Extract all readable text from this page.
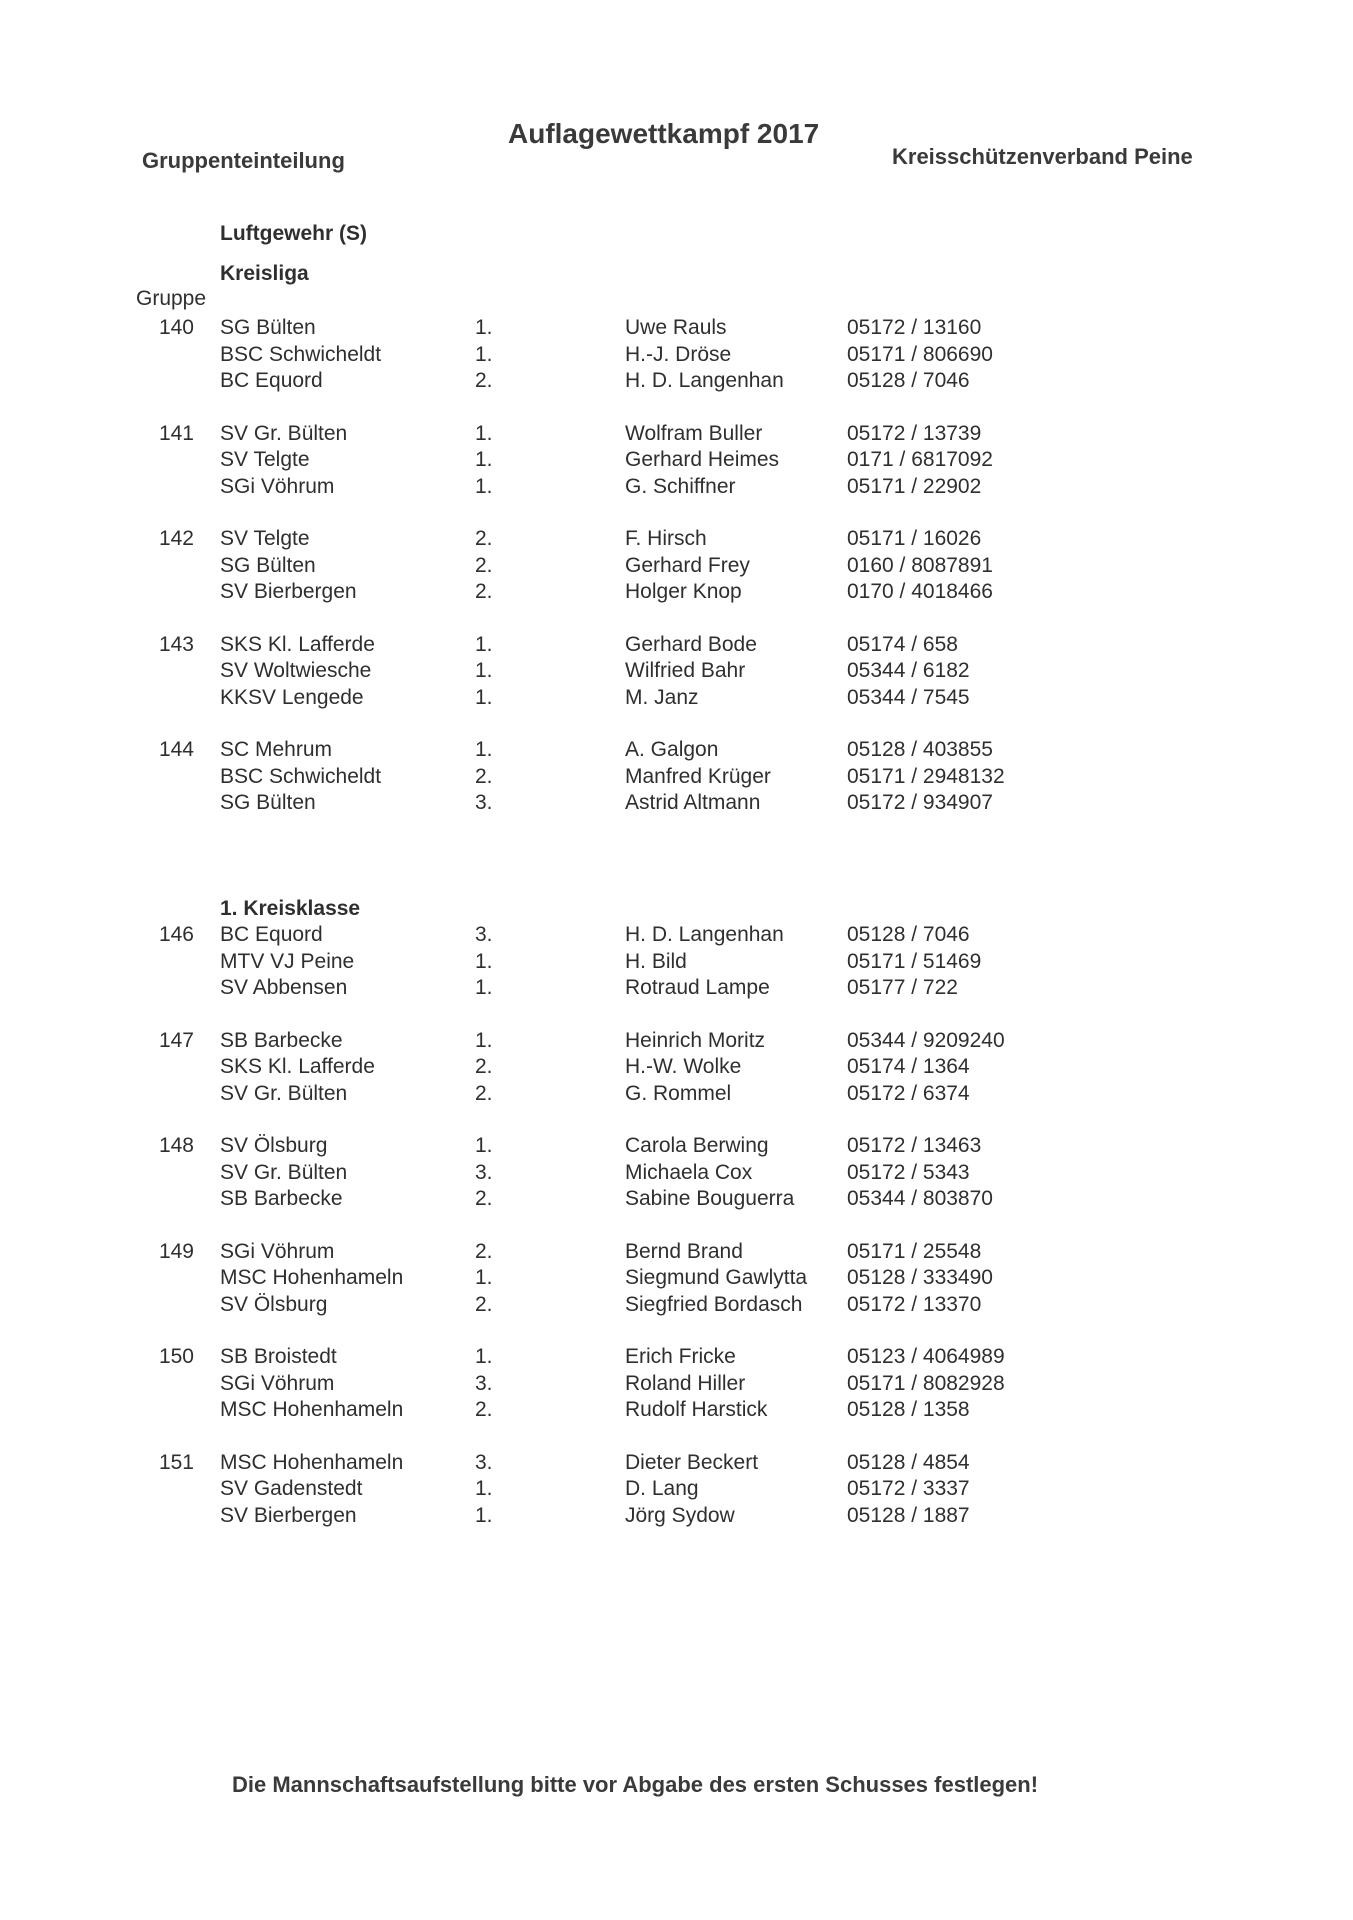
Gruppenteinteilung
Auflagewettkampf 2017
Kreisschützenverband Peine
Luftgewehr (S)
Kreisliga
Gruppe
140 SG Bülten	1.	Uwe Rauls	05172 / 13160
BSC Schwicheldt	1.	H.-J. Dröse	05171 / 806690
BC Equord	2.	H. D. Langenhan	05128 / 7046
141 SV Gr. Bülten	1.	Wolfram Buller	05172 / 13739
SV Telgte	1.	Gerhard Heimes	0171 / 6817092
SGi Vöhrum	1.	G. Schiffner	05171 / 22902
142 SV Telgte	2.	F. Hirsch	05171 / 16026
SG Bülten	2.	Gerhard Frey	0160 / 8087891
SV Bierbergen	2.	Holger Knop	0170 / 4018466
143 SKS Kl. Lafferde	1.	Gerhard Bode	05174 / 658
SV Woltwiesche	1.	Wilfried Bahr	05344 / 6182
KKSV Lengede	1.	M. Janz	05344 / 7545
144 SC Mehrum	1.	A. Galgon	05128 / 403855
BSC Schwicheldt	2.	Manfred Krüger	05171 / 2948132
SG Bülten	3.	Astrid Altmann	05172 / 934907
1. Kreisklasse
146 BC Equord	3.	H. D. Langenhan	05128 / 7046
MTV VJ Peine	1.	H. Bild	05171 / 51469
SV Abbensen	1.	Rotraud Lampe	05177 / 722
147 SB Barbecke	1.	Heinrich Moritz	05344 / 9209240
SKS Kl. Lafferde	2.	H.-W. Wolke	05174 / 1364
SV Gr. Bülten	2.	G. Rommel	05172 / 6374
148 SV Ölsburg	1.	Carola Berwing	05172 / 13463
SV Gr. Bülten	3.	Michaela Cox	05172 / 5343
SB Barbecke	2.	Sabine Bouguerra	05344 / 803870
149 SGi Vöhrum	2.	Bernd Brand	05171 / 25548
MSC Hohenhameln	1.	Siegmund Gawlytta 05128 / 333490
SV Ölsburg	2.	Siegfried Bordasch 05172 / 13370
150 SB Broistedt	1.	Erich Fricke	05123 / 4064989
SGi Vöhrum	3.	Roland Hiller	05171 / 8082928
MSC Hohenhameln	2.	Rudolf Harstick	05128 / 1358
151 MSC Hohenhameln	3.	Dieter Beckert	05128 / 4854
SV Gadenstedt	1.	D. Lang	05172 / 3337
SV Bierbergen	1.	Jörg Sydow	05128 / 1887
Die Mannschaftsaufstellung bitte vor Abgabe des ersten Schusses festlegen!
